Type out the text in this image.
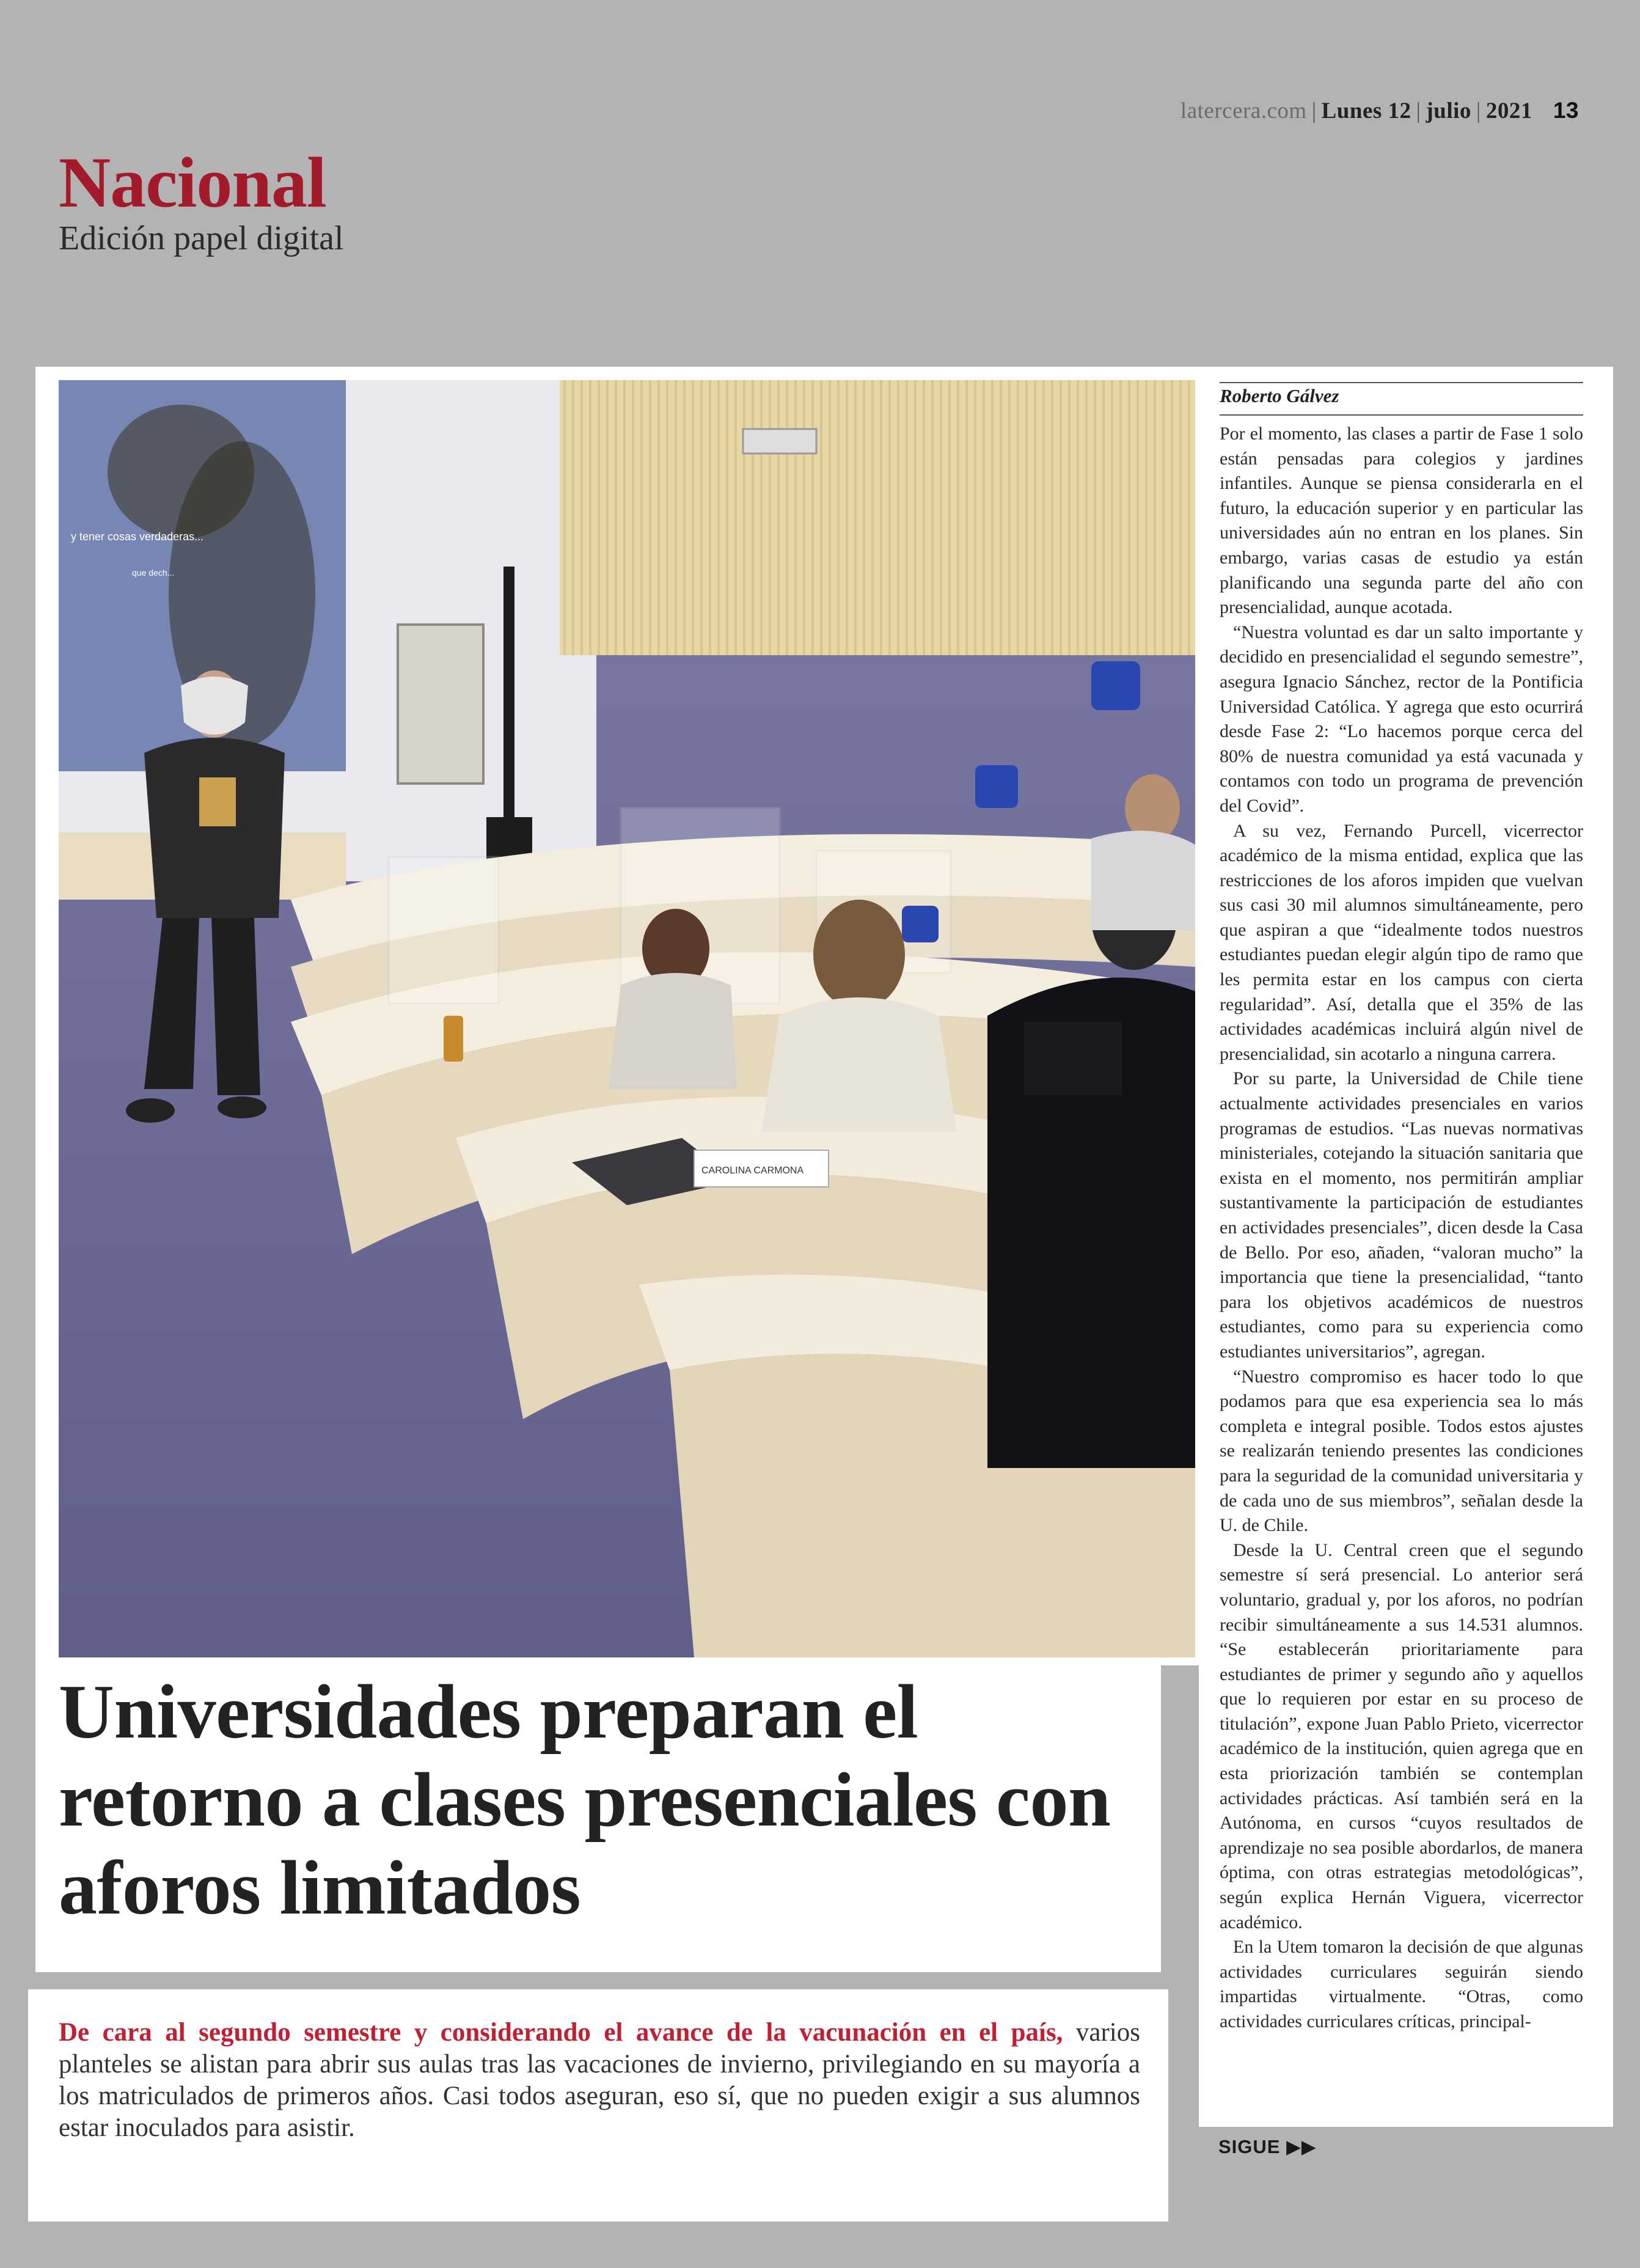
latercera.com | Lunes 12 | julio | 2021 13
Nacional
Edición papel digital
y tener cosas verdaderas...
que dech...
CAROLINA CARMONA
Universidades preparan el retorno a clases presenciales con aforos limitados

De cara al segundo semestre y considerando el avance de la vacunación en el país, varios planteles se alistan para abrir sus aulas tras las vacaciones de invierno, privilegiando en su mayoría a los matriculados de primeros años. Casi todos aseguran, eso sí, que no pueden exigir a sus alumnos estar inoculados para asistir.

Roberto Gálvez

Por el momento, las clases a partir de Fase 1 solo están pensadas para colegios y jardines infantiles. Aunque se piensa considerarla en el futuro, la educación superior y en particular las universidades aún no entran en los planes. Sin embargo, varias casas de estudio ya están planificando una segunda parte del año con presencialidad, aunque acotada.

“Nuestra voluntad es dar un salto importante y decidido en presencialidad el segundo semestre”, asegura Ignacio Sánchez, rector de la Pontificia Universidad Católica. Y agrega que esto ocurrirá desde Fase 2: “Lo hacemos porque cerca del 80% de nuestra comunidad ya está vacunada y contamos con todo un programa de prevención del Covid”.

A su vez, Fernando Purcell, vicerrector académico de la misma entidad, explica que las restricciones de los aforos impiden que vuelvan sus casi 30 mil alumnos simultáneamente, pero que aspiran a que “idealmente todos nuestros estudiantes puedan elegir algún tipo de ramo que les permita estar en los campus con cierta regularidad”. Así, detalla que el 35% de las actividades académicas incluirá algún nivel de presencialidad, sin acotarlo a ninguna carrera.

Por su parte, la Universidad de Chile tiene actualmente actividades presenciales en varios programas de estudios. “Las nuevas normativas ministeriales, cotejando la situación sanitaria que exista en el momento, nos permitirán ampliar sustantivamente la participación de estudiantes en actividades presenciales”, dicen desde la Casa de Bello. Por eso, añaden, “valoran mucho” la importancia que tiene la presencialidad, “tanto para los objetivos académicos de nuestros estudiantes, como para su experiencia como estudiantes universitarios”, agregan.

“Nuestro compromiso es hacer todo lo que podamos para que esa experiencia sea lo más completa e integral posible. Todos estos ajustes se realizarán teniendo presentes las condiciones para la seguridad de la comunidad universitaria y de cada uno de sus miembros”, señalan desde la U. de Chile.

Desde la U. Central creen que el segundo semestre sí será presencial. Lo anterior será voluntario, gradual y, por los aforos, no podrían recibir simultáneamente a sus 14.531 alumnos. “Se establecerán prioritariamente para estudiantes de primer y segundo año y aquellos que lo requieren por estar en su proceso de titulación”, expone Juan Pablo Prieto, vicerrector académico de la institución, quien agrega que en esta priorización también se contemplan actividades prácticas. Así también será en la Autónoma, en cursos “cuyos resultados de aprendizaje no sea posible abordarlos, de manera óptima, con otras estrategias metodológicas”, según explica Hernán Viguera, vicerrector académico.

En la Utem tomaron la decisión de que algunas actividades curriculares seguirán siendo impartidas virtualmente. “Otras, como actividades curriculares críticas, principal-

SIGUE ▶▶
